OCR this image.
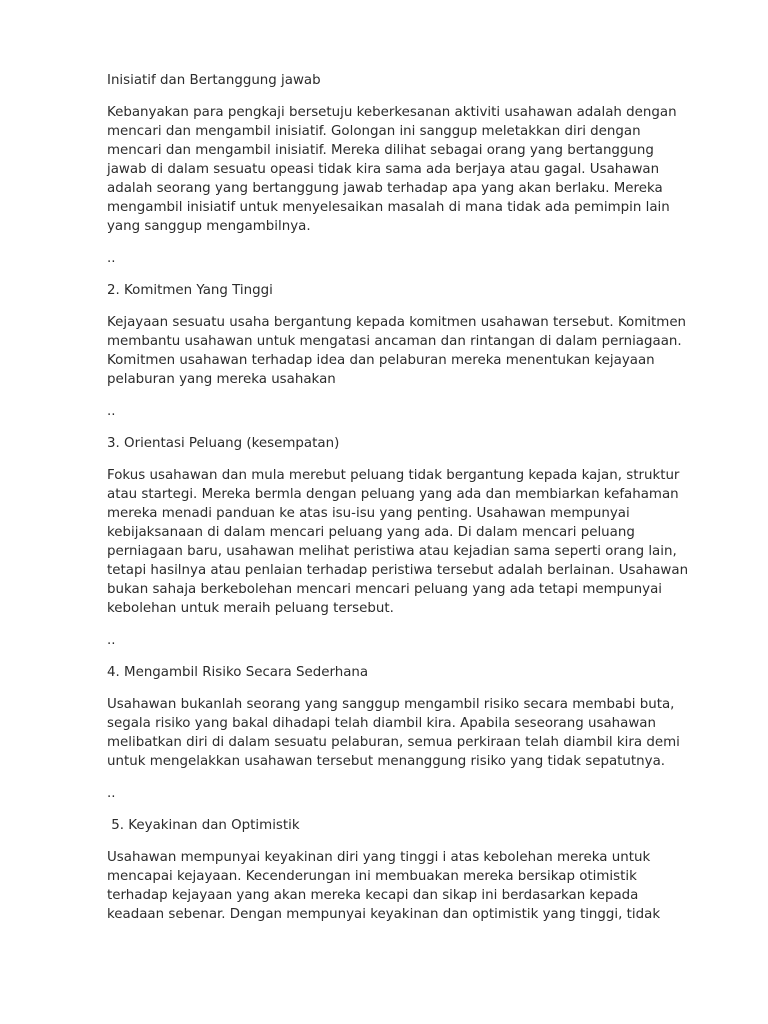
Inisiatif dan Bertanggung jawab

Kebanyakan para pengkaji bersetuju keberkesanan aktiviti usahawan adalah dengan
mencari dan mengambil inisiatif. Golongan ini sanggup meletakkan diri dengan
mencari dan mengambil inisiatif. Mereka dilihat sebagai orang yang bertanggung
jawab di dalam sesuatu opeasi tidak kira sama ada berjaya atau gagal. Usahawan
adalah seorang yang bertanggung jawab terhadap apa yang akan berlaku. Mereka
mengambil inisiatif untuk menyelesaikan masalah di mana tidak ada pemimpin lain
yang sanggup mengambilnya.

..

2. Komitmen Yang Tinggi

Kejayaan sesuatu usaha bergantung kepada komitmen usahawan tersebut. Komitmen
membantu usahawan untuk mengatasi ancaman dan rintangan di dalam perniagaan.
Komitmen usahawan terhadap idea dan pelaburan mereka menentukan kejayaan
pelaburan yang mereka usahakan

..

3. Orientasi Peluang (kesempatan)

Fokus usahawan dan mula merebut peluang tidak bergantung kepada kajan, struktur
atau startegi. Mereka bermla dengan peluang yang ada dan membiarkan kefahaman
mereka menadi panduan ke atas isu-isu yang penting. Usahawan mempunyai
kebijaksanaan di dalam mencari peluang yang ada. Di dalam mencari peluang
perniagaan baru, usahawan melihat peristiwa atau kejadian sama seperti orang lain,
tetapi hasilnya atau penlaian terhadap peristiwa tersebut adalah berlainan. Usahawan
bukan sahaja berkebolehan mencari mencari peluang yang ada tetapi mempunyai
kebolehan untuk meraih peluang tersebut.

..

4. Mengambil Risiko Secara Sederhana

Usahawan bukanlah seorang yang sanggup mengambil risiko secara membabi buta,
segala risiko yang bakal dihadapi telah diambil kira. Apabila seseorang usahawan
melibatkan diri di dalam sesuatu pelaburan, semua perkiraan telah diambil kira demi
untuk mengelakkan usahawan tersebut menanggung risiko yang tidak sepatutnya.

..

5. Keyakinan dan Optimistik

Usahawan mempunyai keyakinan diri yang tinggi i atas kebolehan mereka untuk
mencapai kejayaan. Kecenderungan ini membuakan mereka bersikap otimistik
terhadap kejayaan yang akan mereka kecapi dan sikap ini berdasarkan kepada
keadaan sebenar. Dengan mempunyai keyakinan dan optimistik yang tinggi, tidak
